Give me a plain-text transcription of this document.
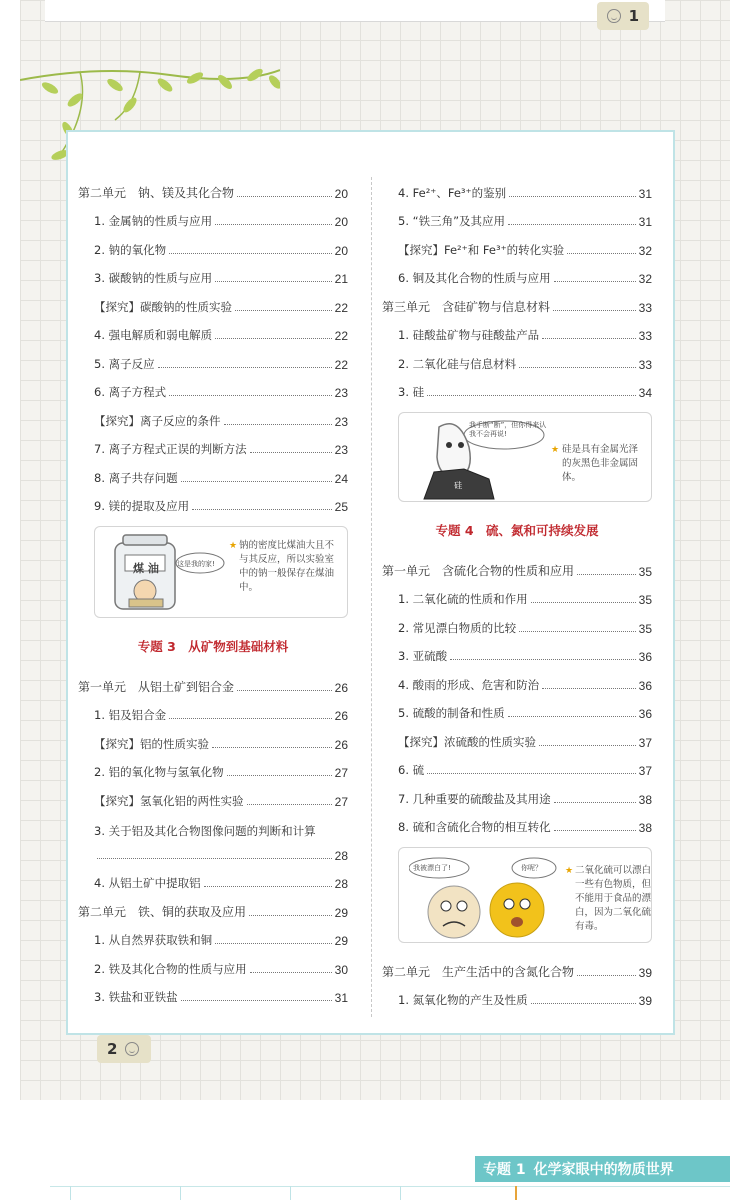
1
第二单元　钠、镁及其化合物	20
1. 金属钠的性质与应用	20
2. 钠的氧化物	20
3. 碳酸钠的性质与应用	21
【探究】碳酸钠的性质实验	22
4. 强电解质和弱电解质	22
5. 离子反应	22
6. 离子方程式	23
【探究】离子反应的条件	23
7. 离子方程式正误的判断方法	23
8. 离子共存问题	24
9. 镁的提取及应用	25
煤 油	这是我的家!
★ 钠的密度比煤油大且不与其反应，所以实验室中的钠一般保存在煤油中。
专题 3　从矿物到基础材料
第一单元　从铝土矿到铝合金	26
1. 铝及铝合金	26
【探究】铝的性质实验	26
2. 铝的氧化物与氢氧化物	27
【探究】氢氧化铝的两性实验	27
3. 关于铝及其化合物图像问题的判断和计算
28
4. 从铝土矿中提取铝	28
第二单元　铁、铜的获取及应用	29
1. 从自然界获取铁和铜	29
2. 铁及其化合物的性质与应用	30
3. 铁盐和亚铁盐	31
4. Fe²⁺、Fe³⁺的鉴别	31
5. “铁三角”及其应用	31
【探究】Fe²⁺和 Fe³⁺的转化实验	32
6. 铜及其化合物的性质与应用	32
第三单元　含硅矿物与信息材料	33
1. 硅酸盐矿物与硅酸盐产品	33
2. 二氧化硅与信息材料	33
3. 硅	34
我手断“断”，但你得来认我不会再说!
硅
★ 硅是具有金属光泽的灰黑色非金属固体。
专题 4　硫、氮和可持续发展
第一单元　含硫化合物的性质和应用	35
1. 二氧化硫的性质和作用	35
2. 常见漂白物质的比较	35
3. 亚硫酸	36
4. 酸雨的形成、危害和防治	36
5. 硫酸的制备和性质	36
【探究】浓硫酸的性质实验	37
6. 硫	37
7. 几种重要的硫酸盐及其用途	38
8. 硫和含硫化合物的相互转化	38
我被漂白了!	你呢？	★ 二氧化硫可以漂白一些有色物质，但不能用于食品的漂白，因为二氧化硫有毒。
第二单元　生产生活中的含氮化合物	39
1. 氮氧化物的产生及性质	39
2
专题 1 化学家眼中的物质世界
